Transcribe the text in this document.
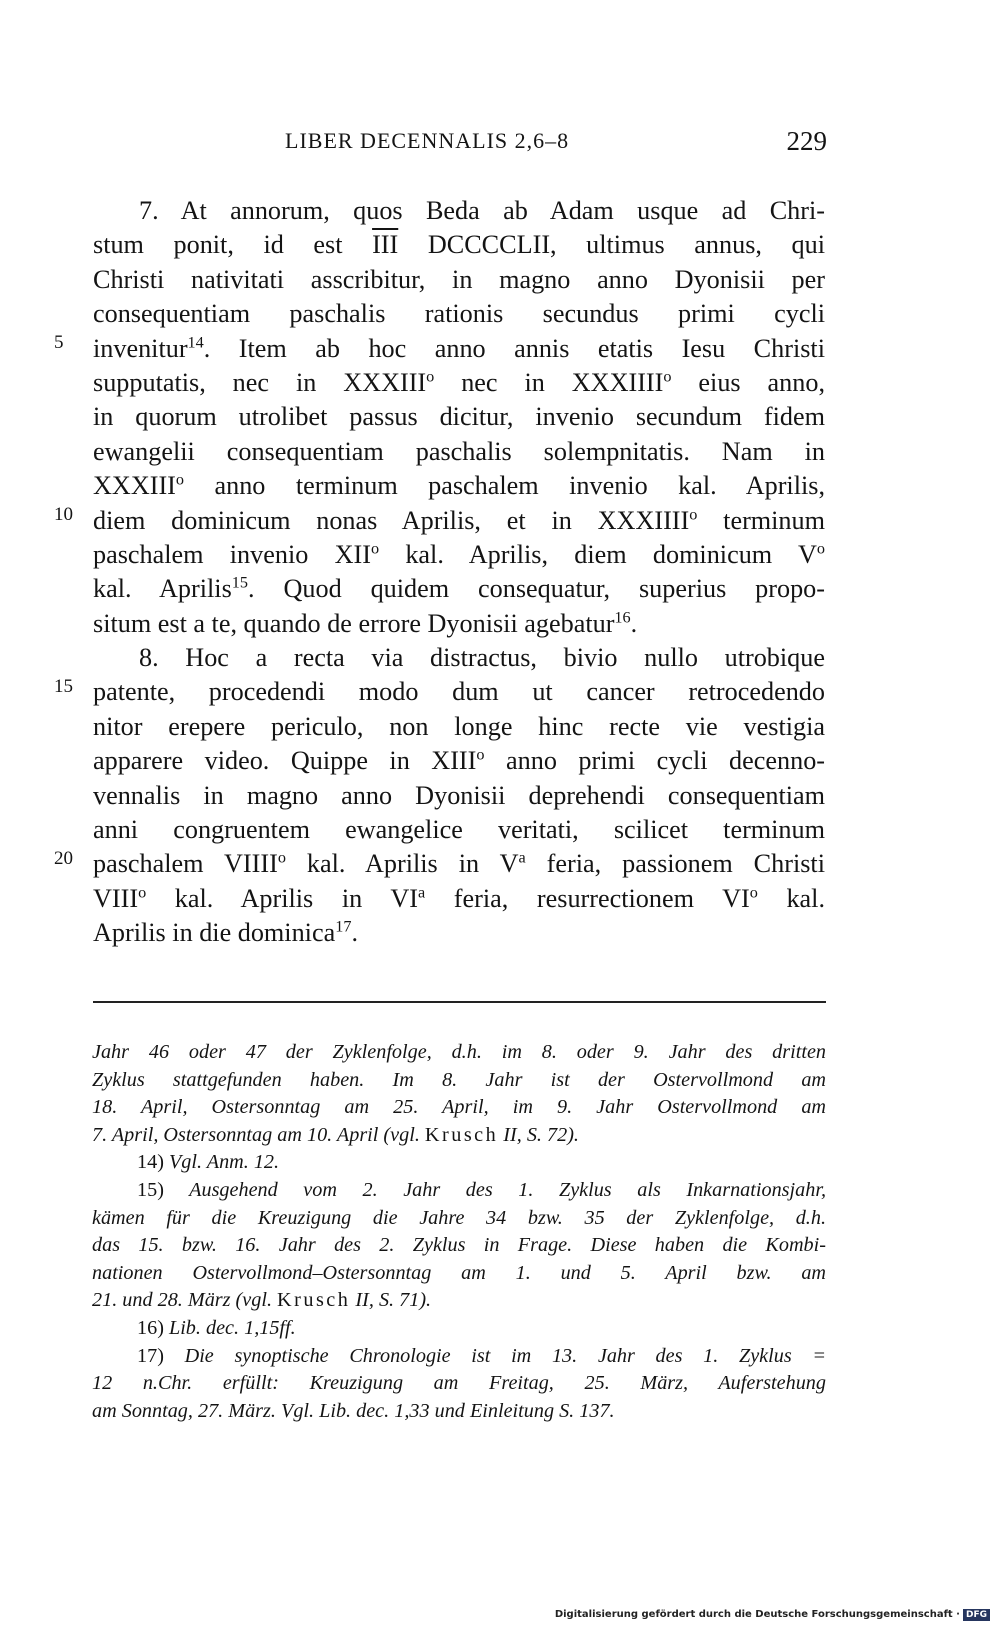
LIBER DECENNALIS 2,6–8	229
5
10
15
20
7. At annorum, quos Beda ab Adam usque ad Chri-
stum ponit, id est $\overline{III}$ DCCCCLII, ultimus annus, qui
Christi nativitati asscribitur, in magno anno Dyonisii per
consequentiam paschalis rationis secundus primi cycli
invenitur$^{14}$. Item ab hoc anno annis etatis Iesu Christi
supputatis, nec in XXXIII$^o$ nec in XXXIIII$^o$ eius anno,
in quorum utrolibet passus dicitur, invenio secundum fidem
ewangelii consequentiam paschalis solempnitatis. Nam in
XXXIII$^o$ anno terminum paschalem invenio kal. Aprilis,
diem dominicum nonas Aprilis, et in XXXIIII$^o$ terminum
paschalem invenio XII$^o$ kal. Aprilis, diem dominicum $V^o$
kal. Aprilis$^{15}$. Quod quidem consequatur, superius propo-
situm est a te, quando de errore Dyonisii agebatur$^{16}$.
8. Hoc a recta via distractus, bivio nullo utrobique
patente, procedendi modo dum ut cancer retrocedendo
nitor erepere periculo, non longe hinc recte vie vestigia
apparere video. Quippe in XIII$^o$ anno primi cycli decenno-
vennalis in magno anno Dyonisii deprehendi consequentiam
anni congruentem ewangelice veritati, scilicet terminum
paschalem VIIII$^o$ kal. Aprilis in $V^a$ feria, passionem Christi
VIII$^o$ kal. Aprilis in $VI^a$ feria, resurrectionem $VI^o$ kal.
Aprilis in die dominica$^{17}$.
Jahr 46 oder 47 der Zyklenfolge, d.h. im 8. oder 9. Jahr des dritten
Zyklus stattgefunden haben. Im 8. Jahr ist der Ostervollmond am
18. April, Ostersonntag am 25. April, im 9. Jahr Ostervollmond am
7. April, Ostersonntag am 10. April (vgl. Krusch II, S. 72).
14) Vgl. Anm. 12.
15) Ausgehend vom 2. Jahr des 1. Zyklus als Inkarnationsjahr,
kämen für die Kreuzigung die Jahre 34 bzw. 35 der Zyklenfolge, d.h.
das 15. bzw. 16. Jahr des 2. Zyklus in Frage. Diese haben die Kombi-
nationen Ostervollmond–Ostersonntag am 1. und 5. April bzw. am
21. und 28. März (vgl. Krusch II, S. 71).
16) Lib. dec. 1,15ff.
17) Die synoptische Chronologie ist im 13. Jahr des 1. Zyklus =
12 n.Chr. erfüllt: Kreuzigung am Freitag, 25. März, Auferstehung
am Sonntag, 27. März. Vgl. Lib. dec. 1,33 und Einleitung S. 137.
Digitalisierung gefördert durch die Deutsche Forschungsgemeinschaft · DFG
